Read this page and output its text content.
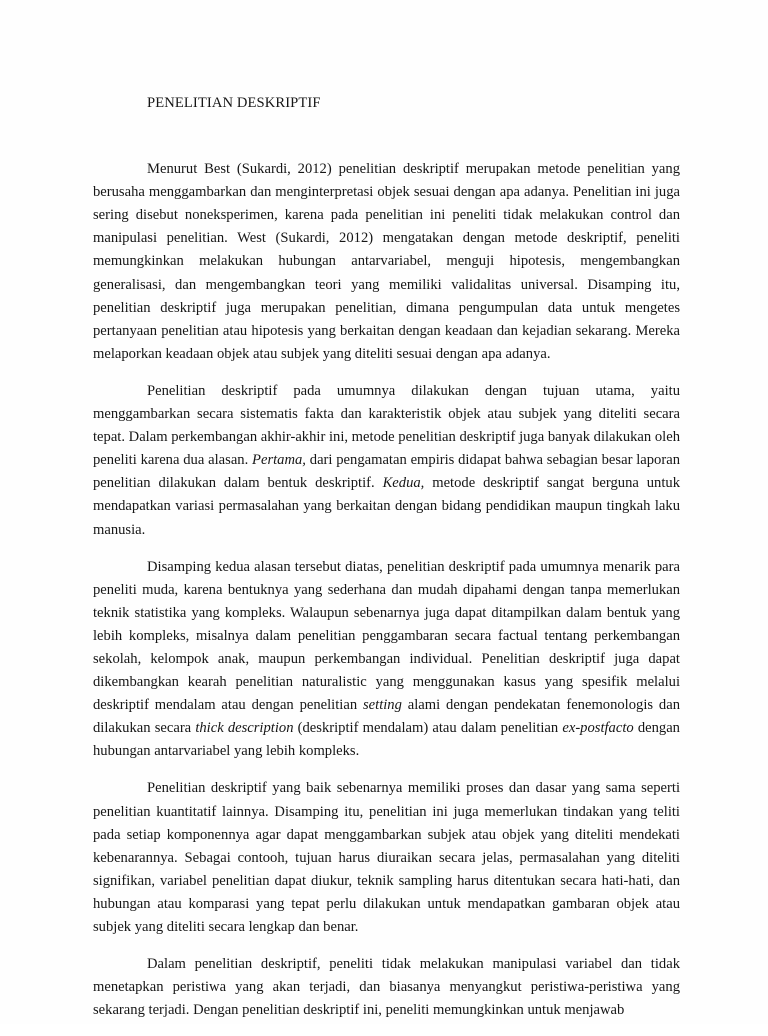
PENELITIAN DESKRIPTIF

Menurut Best (Sukardi, 2012) penelitian deskriptif merupakan metode penelitian yang berusaha menggambarkan dan menginterpretasi objek sesuai dengan apa adanya. Penelitian ini juga sering disebut noneksperimen, karena pada penelitian ini peneliti tidak melakukan control dan manipulasi penelitian. West (Sukardi, 2012) mengatakan dengan metode deskriptif, peneliti memungkinkan melakukan hubungan antarvariabel, menguji hipotesis, mengembangkan generalisasi, dan mengembangkan teori yang memiliki validalitas universal. Disamping itu, penelitian deskriptif juga merupakan penelitian, dimana pengumpulan data untuk mengetes pertanyaan penelitian atau hipotesis yang berkaitan dengan keadaan dan kejadian sekarang. Mereka melaporkan keadaan objek atau subjek yang diteliti sesuai dengan apa adanya.

Penelitian deskriptif pada umumnya dilakukan dengan tujuan utama, yaitu menggambarkan secara sistematis fakta dan karakteristik objek atau subjek yang diteliti secara tepat. Dalam perkembangan akhir-akhir ini, metode penelitian deskriptif juga banyak dilakukan oleh peneliti karena dua alasan. Pertama, dari pengamatan empiris didapat bahwa sebagian besar laporan penelitian dilakukan dalam bentuk deskriptif. Kedua, metode deskriptif sangat berguna untuk mendapatkan variasi permasalahan yang berkaitan dengan bidang pendidikan maupun tingkah laku manusia.

Disamping kedua alasan tersebut diatas, penelitian deskriptif pada umumnya menarik para peneliti muda, karena bentuknya yang sederhana dan mudah dipahami dengan tanpa memerlukan teknik statistika yang kompleks. Walaupun sebenarnya juga dapat ditampilkan dalam bentuk yang lebih kompleks, misalnya dalam penelitian penggambaran secara factual tentang perkembangan sekolah, kelompok anak, maupun perkembangan individual. Penelitian deskriptif juga dapat dikembangkan kearah penelitian naturalistic yang menggunakan kasus yang spesifik melalui deskriptif mendalam atau dengan penelitian setting alami dengan pendekatan fenemonologis dan dilakukan secara thick description (deskriptif mendalam) atau dalam penelitian ex-postfacto dengan hubungan antarvariabel yang lebih kompleks.

Penelitian deskriptif yang baik sebenarnya memiliki proses dan dasar yang sama seperti penelitian kuantitatif lainnya. Disamping itu, penelitian ini juga memerlukan tindakan yang teliti pada setiap komponennya agar dapat menggambarkan subjek atau objek yang diteliti mendekati kebenarannya. Sebagai contooh, tujuan harus diuraikan secara jelas, permasalahan yang diteliti signifikan, variabel penelitian dapat diukur, teknik sampling harus ditentukan secara hati-hati, dan hubungan atau komparasi yang tepat perlu dilakukan untuk mendapatkan gambaran objek atau subjek yang diteliti secara lengkap dan benar.

Dalam penelitian deskriptif, peneliti tidak melakukan manipulasi variabel dan tidak menetapkan peristiwa yang akan terjadi, dan biasanya menyangkut peristiwa-peristiwa yang sekarang terjadi. Dengan penelitian deskriptif ini, peneliti memungkinkan untuk menjawab
